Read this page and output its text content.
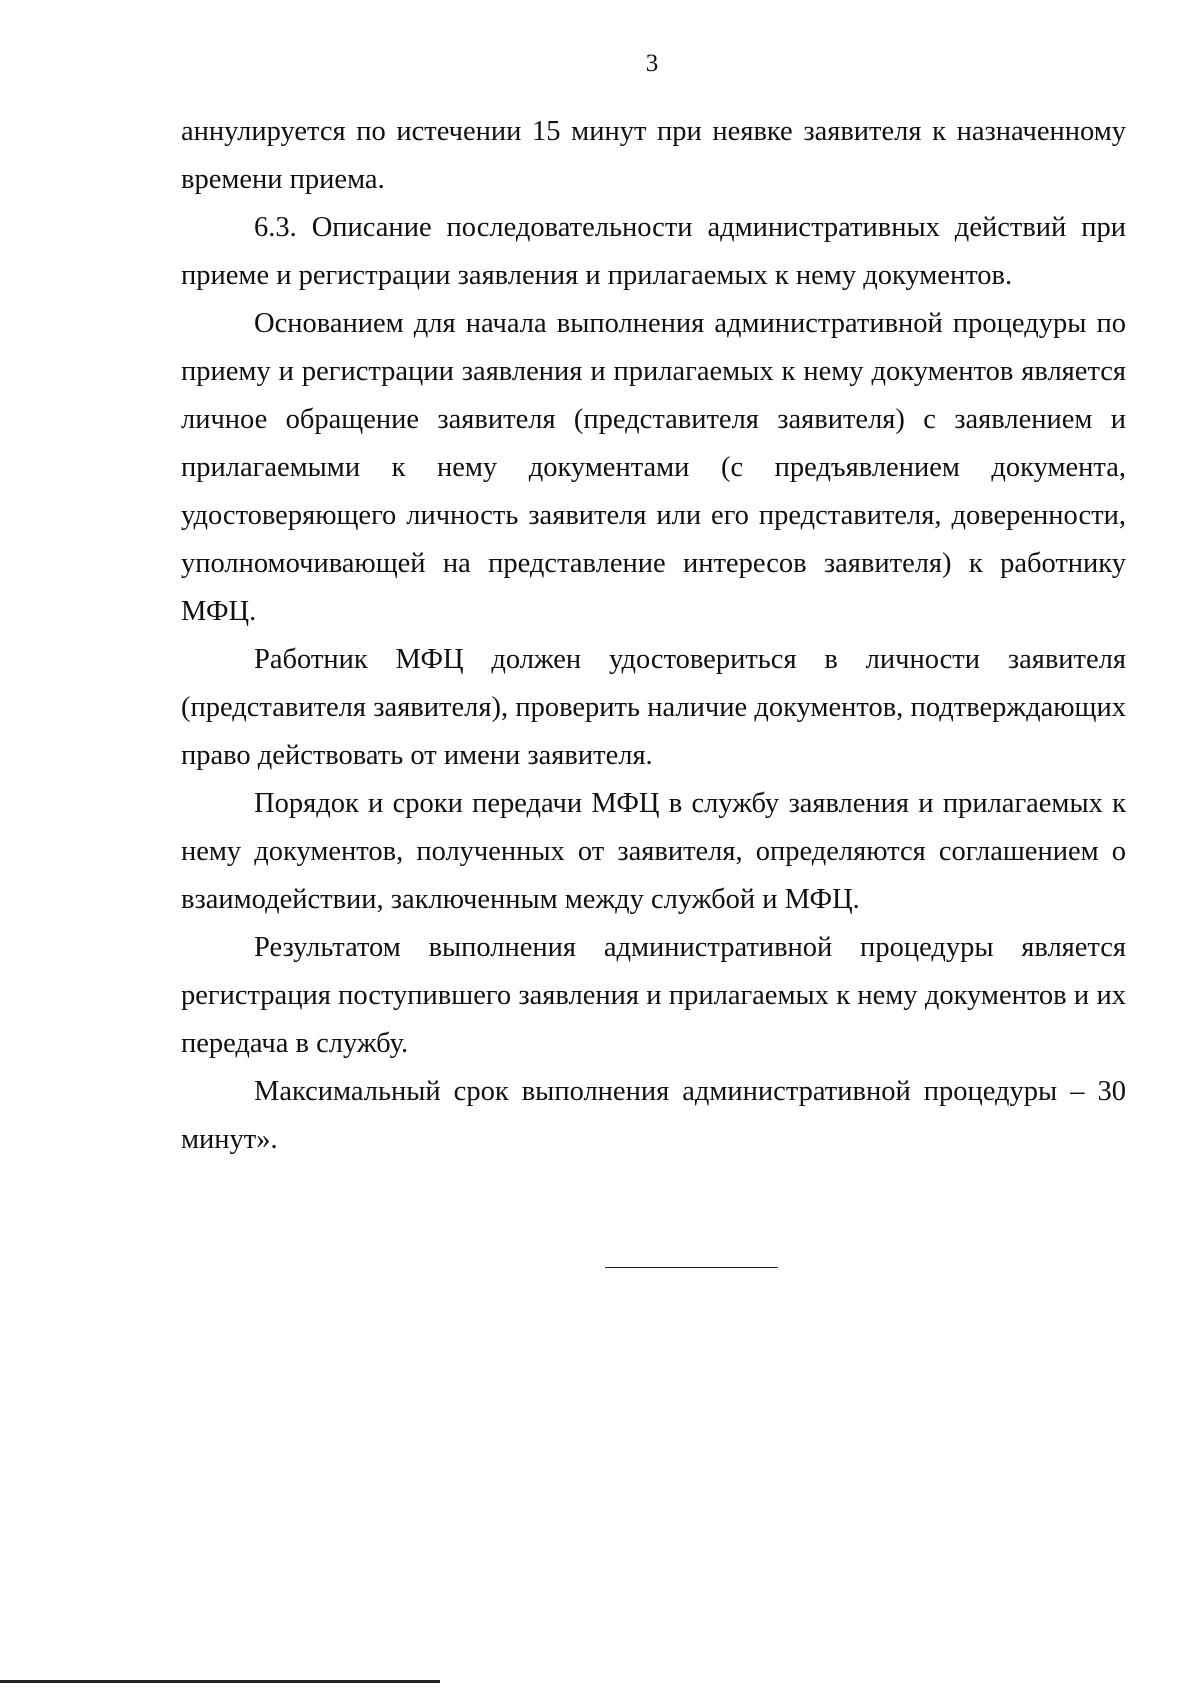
3

аннулируется по истечении 15 минут при неявке заявителя к назначенному времени приема.

6.3. Описание последовательности административных действий при приеме и регистрации заявления и прилагаемых к нему документов.

Основанием для начала выполнения административной процедуры по приему и регистрации заявления и прилагаемых к нему документов является личное обращение заявителя (представителя заявителя) с заявлением и прилагаемыми к нему документами (с предъявлением документа, удостоверяющего личность заявителя или его представителя, доверенности, уполномочивающей на представление интересов заявителя) к работнику МФЦ.

Работник МФЦ должен удостовериться в личности заявителя (представителя заявителя), проверить наличие документов, подтверждающих право действовать от имени заявителя.

Порядок и сроки передачи МФЦ в службу заявления и прилагаемых к нему документов, полученных от заявителя, определяются соглашением о взаимодействии, заключенным между службой и МФЦ.

Результатом выполнения административной процедуры является регистрация поступившего заявления и прилагаемых к нему документов и их передача в службу.

Максимальный срок выполнения административной процедуры – 30 минут».
